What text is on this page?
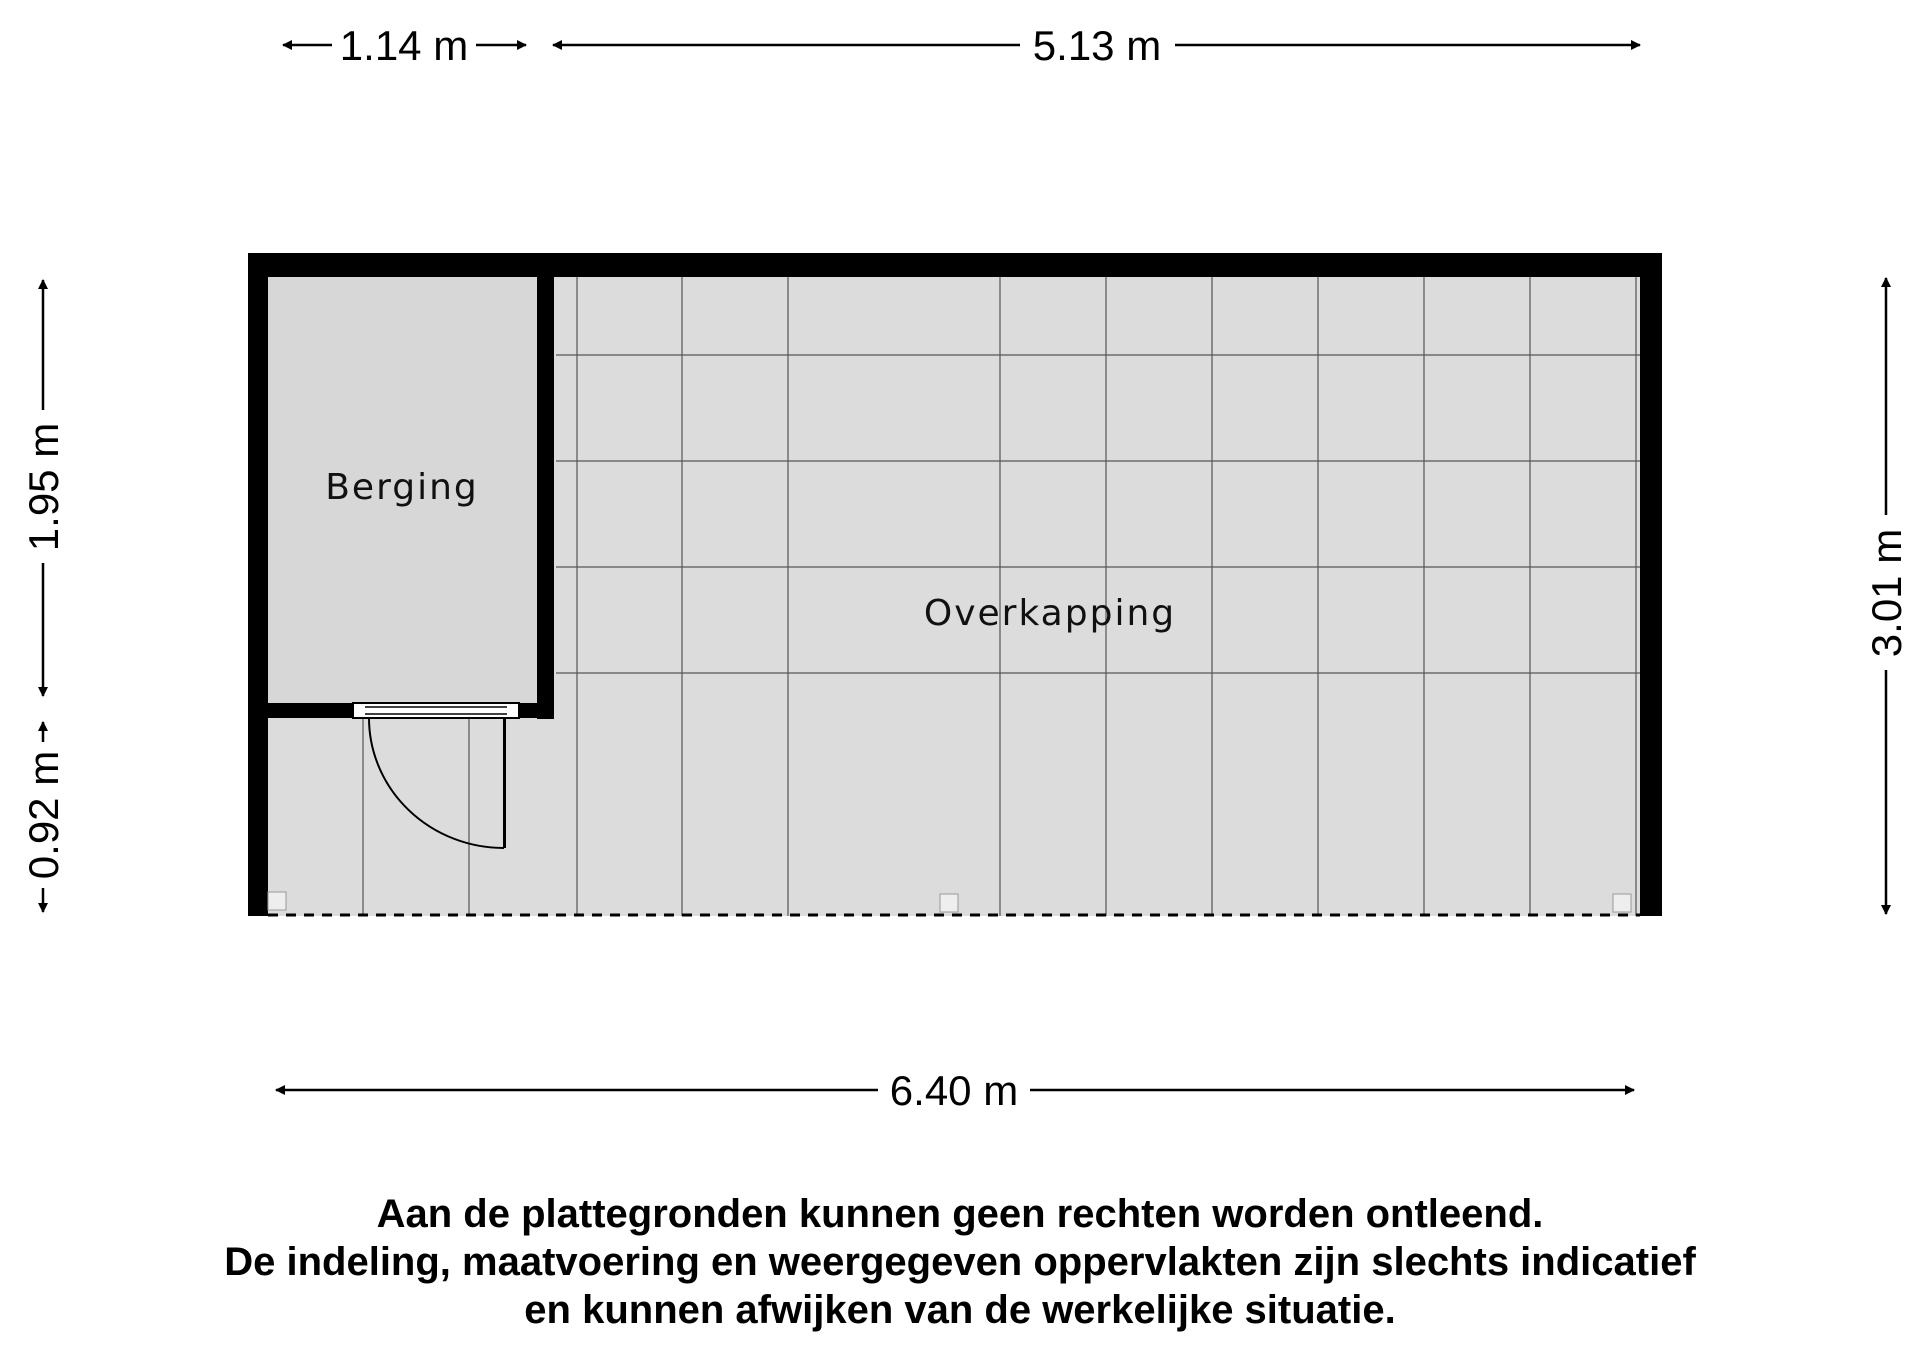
Berging
Overkapping
1.14 m	5.13 m
6.40 m
1.95 m
0.92 m
3.01 m
Aan de plattegronden kunnen geen rechten worden ontleend.
De indeling, maatvoering en weergegeven oppervlakten zijn slechts indicatief
en kunnen afwijken van de werkelijke situatie.
